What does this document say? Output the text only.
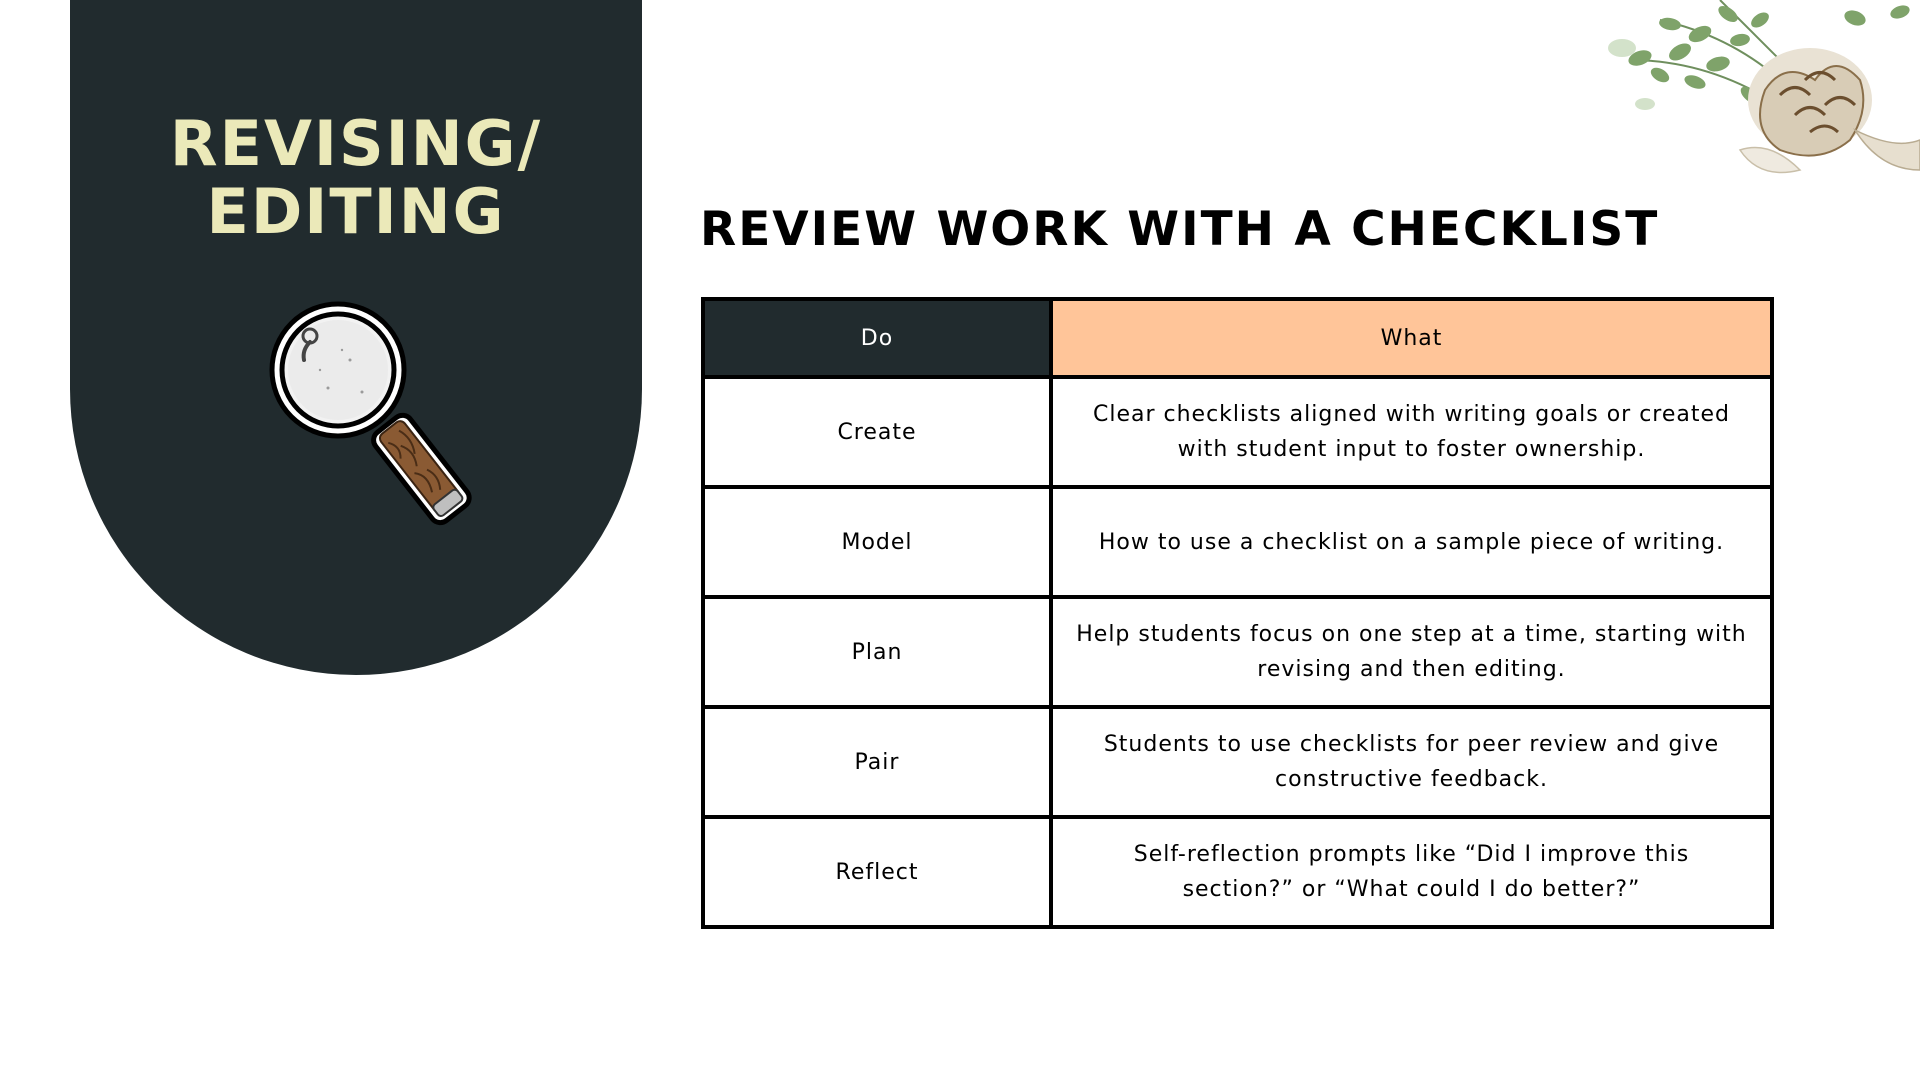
REVISING/
EDITING	REVIEW WORK WITH A CHECKLIST
Do	What
Create	Clear checklists aligned with writing goals or created with student input to foster ownership.
Model	How to use a checklist on a sample piece of writing.
Plan	Help students focus on one step at a time, starting with revising and then editing.
Pair	Students to use checklists for peer review and give constructive feedback.
Reflect	Self-reflection prompts like “Did I improve this section?” or “What could I do better?”
